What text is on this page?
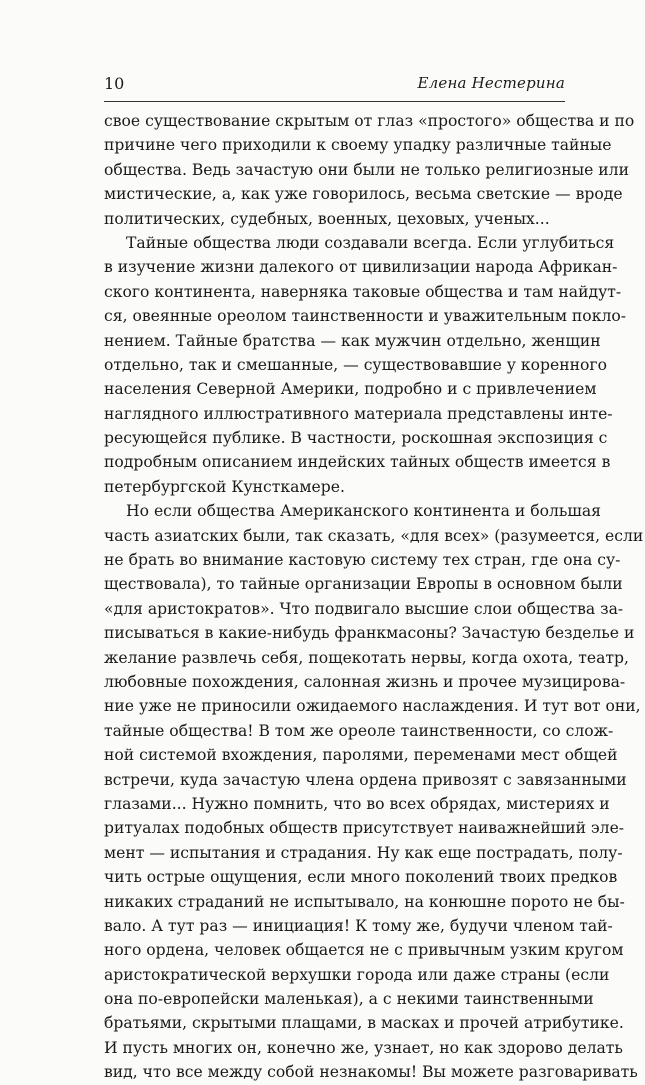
10	Елена Нестерина
свое существование скрытым от глаз «простого» общества и по
причине чего приходили к своему упадку различные тайные
общества. Ведь зачастую они были не только религиозные или
мистические, а, как уже говорилось, весьма светские — вроде
политических, судебных, военных, цеховых, ученых...
Тайные общества люди создавали всегда. Если углубиться
в изучение жизни далекого от цивилизации народа Африкан-
ского континента, наверняка таковые общества и там найдут-
ся, овеянные ореолом таинственности и уважительным покло-
нением. Тайные братства — как мужчин отдельно, женщин
отдельно, так и смешанные, — существовавшие у коренного
населения Северной Америки, подробно и с привлечением
наглядного иллюстративного материала представлены инте-
ресующейся публике. В частности, роскошная экспозиция с
подробным описанием индейских тайных обществ имеется в
петербургской Кунсткамере.
Но если общества Американского континента и большая
часть азиатских были, так сказать, «для всех» (разумеется, если
не брать во внимание кастовую систему тех стран, где она су-
ществовала), то тайные организации Европы в основном были
«для аристократов». Что подвигало высшие слои общества за-
писываться в какие-нибудь франкмасоны? Зачастую безделье и
желание развлечь себя, пощекотать нервы, когда охота, театр,
любовные похождения, салонная жизнь и прочее музицирова-
ние уже не приносили ожидаемого наслаждения. И тут вот они,
тайные общества! В том же ореоле таинственности, со слож-
ной системой вхождения, паролями, переменами мест общей
встречи, куда зачастую члена ордена привозят с завязанными
глазами... Нужно помнить, что во всех обрядах, мистериях и
ритуалах подобных обществ присутствует наиважнейший эле-
мент — испытания и страдания. Ну как еще пострадать, полу-
чить острые ощущения, если много поколений твоих предков
никаких страданий не испытывало, на конюшне порото не бы-
вало. А тут раз — инициация! К тому же, будучи членом тай-
ного ордена, человек общается не с привычным узким кругом
аристократической верхушки города или даже страны (если
она по-европейски маленькая), а с некими таинственными
братьями, скрытыми плащами, в масках и прочей атрибутике.
И пусть многих он, конечно же, узнает, но как здорово делать
вид, что все между собой незнакомы! Вы можете разговаривать
